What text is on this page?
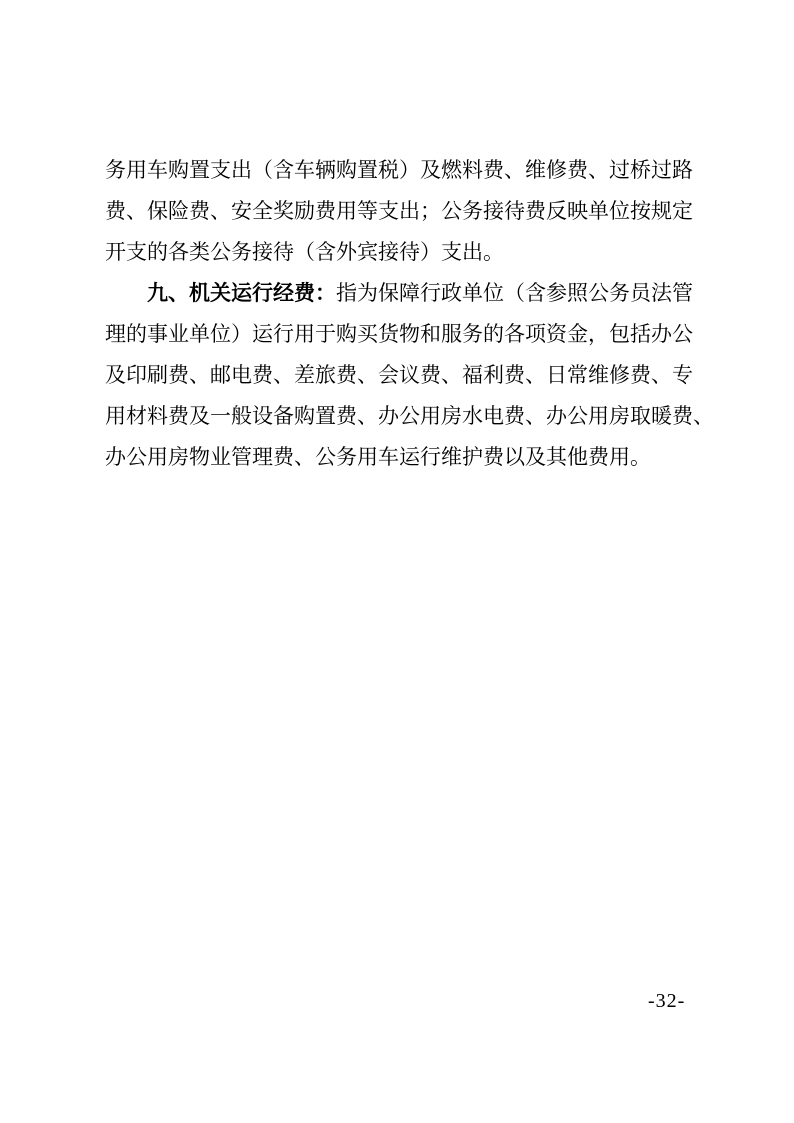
务用车购置支出（含车辆购置税）及燃料费、维修费、过桥过路
费、保险费、安全奖励费用等支出；公务接待费反映单位按规定
开支的各类公务接待（含外宾接待）支出。
九、机关运行经费：指为保障行政单位（含参照公务员法管
理的事业单位）运行用于购买货物和服务的各项资金，包括办公
及印刷费、邮电费、差旅费、会议费、福利费、日常维修费、专
用材料费及一般设备购置费、办公用房水电费、办公用房取暖费、
办公用房物业管理费、公务用车运行维护费以及其他费用。
-32-
